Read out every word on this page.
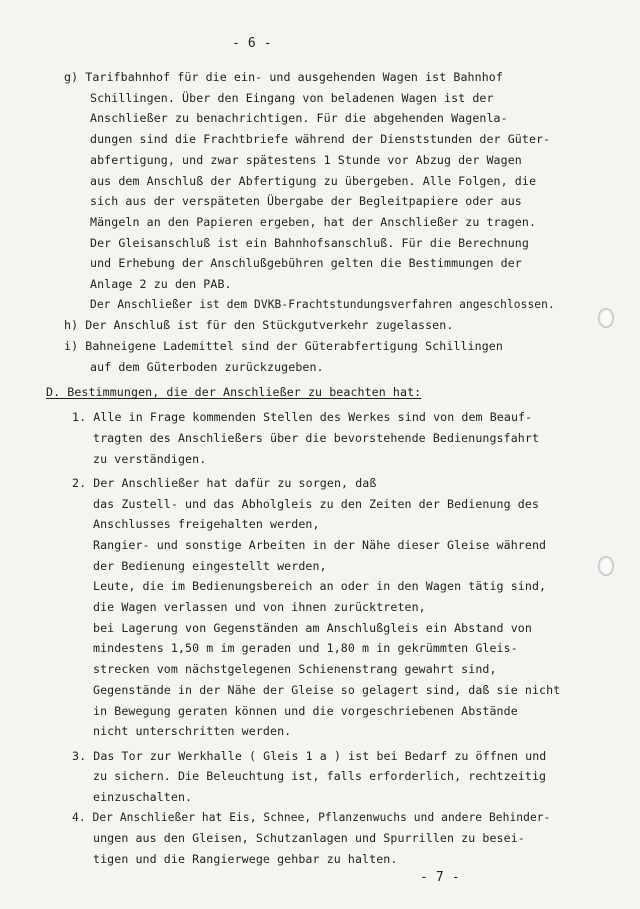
- 6 -
g) Tarifbahnhof für die ein- und ausgehenden Wagen ist Bahnhof
Schillingen. Über den Eingang von beladenen Wagen ist der
Anschließer zu benachrichtigen. Für die abgehenden Wagenla-
dungen sind die Frachtbriefe während der Dienststunden der Güter-
abfertigung, und zwar spätestens 1 Stunde vor Abzug der Wagen
aus dem Anschluß der Abfertigung zu übergeben. Alle Folgen, die
sich aus der verspäteten Übergabe der Begleitpapiere oder aus
Mängeln an den Papieren ergeben, hat der Anschließer zu tragen.
Der Gleisanschluß ist ein Bahnhofsanschluß. Für die Berechnung
und Erhebung der Anschlußgebühren gelten die Bestimmungen der
Anlage 2 zu den PAB.
Der Anschließer ist dem DVKB-Frachtstundungsverfahren angeschlossen.
h) Der Anschluß ist für den Stückgutverkehr zugelassen.
i) Bahneigene Lademittel sind der Güterabfertigung Schillingen
auf dem Güterboden zurückzugeben.
D. Bestimmungen, die der Anschließer zu beachten hat:
1. Alle in Frage kommenden Stellen des Werkes sind von dem Beauf-
tragten des Anschließers über die bevorstehende Bedienungsfahrt
zu verständigen.
2. Der Anschließer hat dafür zu sorgen, daß
das Zustell- und das Abholgleis zu den Zeiten der Bedienung des
Anschlusses freigehalten werden,
Rangier- und sonstige Arbeiten in der Nähe dieser Gleise während
der Bedienung eingestellt werden,
Leute, die im Bedienungsbereich an oder in den Wagen tätig sind,
die Wagen verlassen und von ihnen zurücktreten,
bei Lagerung von Gegenständen am Anschlußgleis ein Abstand von
mindestens 1,50 m im geraden und 1,80 m in gekrümmten Gleis-
strecken vom nächstgelegenen Schienenstrang gewahrt sind,
Gegenstände in der Nähe der Gleise so gelagert sind, daß sie nicht
in Bewegung geraten können und die vorgeschriebenen Abstände
nicht unterschritten werden.
3. Das Tor zur Werkhalle ( Gleis 1 a ) ist bei Bedarf zu öffnen und
zu sichern. Die Beleuchtung ist, falls erforderlich, rechtzeitig
einzuschalten.
4. Der Anschließer hat Eis, Schnee, Pflanzenwuchs und andere Behinder-
ungen aus den Gleisen, Schutzanlagen und Spurrillen zu besei-
tigen und die Rangierwege gehbar zu halten.
- 7 -
